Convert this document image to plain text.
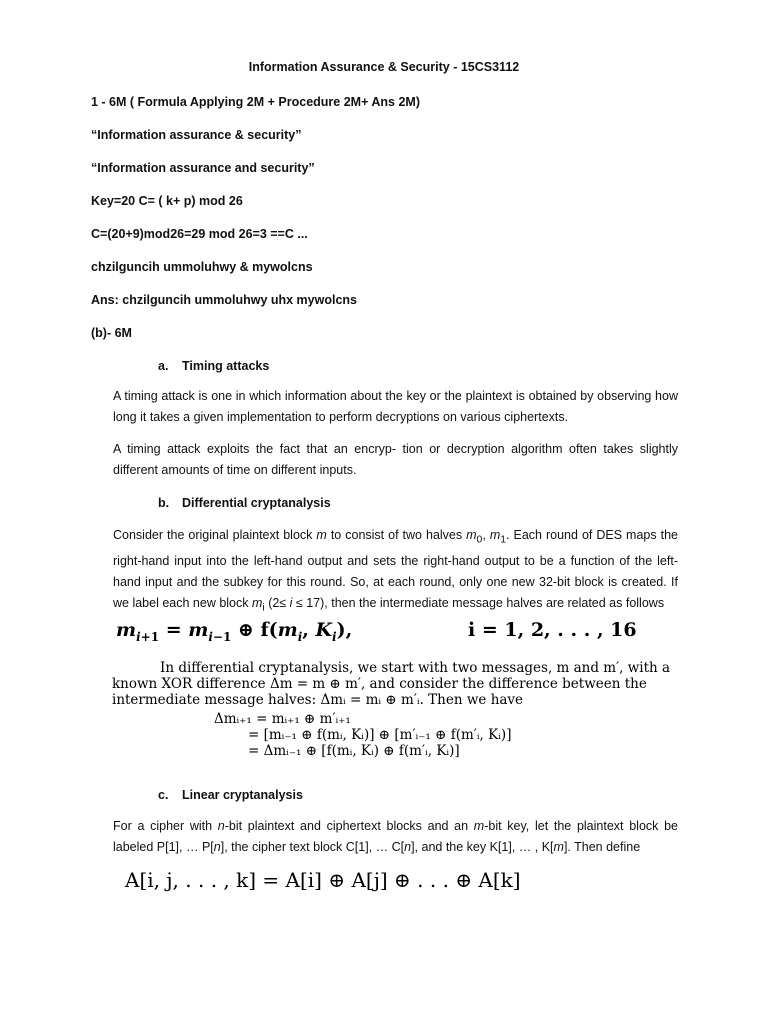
Information Assurance & Security - 15CS3112
1 - 6M ( Formula Applying 2M + Procedure 2M+ Ans 2M)
“Information assurance & security”
“Information assurance and security”
Key=20 C= ( k+ p) mod 26
C=(20+9)mod26=29 mod 26=3 ==C ...
chzilguncih ummoluhwy & mywolcns
Ans: chzilguncih ummoluhwy uhx mywolcns
(b)- 6M
a. Timing attacks
A timing attack is one in which information about the key or the plaintext is obtained by observing how long it takes a given implementation to perform decryptions on various ciphertexts.
A timing attack exploits the fact that an encryp- tion or decryption algorithm often takes slightly different amounts of time on different inputs.
b. Differential cryptanalysis
Consider the original plaintext block m to consist of two halves $m_0$, $m_1$. Each round of DES maps the right-hand input into the left-hand output and sets the right-hand output to be a function of the left-hand input and the subkey for this round. So, at each round, only one new 32-bit block is created. If we label each new block $m_i$ (2≤ i ≤ 17), then the intermediate message halves are related as follows
$m_{i+1} = m_{i-1}$ ⊕ $f(m_i$, $K_i$),	i = 1, 2, . . . , 16
In differential cryptanalysis, we start with two messages, m and m′, with a
known XOR difference Δm = m ⊕ m′, and consider the difference between the
intermediate message halves: Δmᵢ = mᵢ ⊕ m′ᵢ. Then we have
Δmᵢ₊₁ = mᵢ₊₁ ⊕ m′ᵢ₊₁
= [mᵢ₋₁ ⊕ f(mᵢ, Kᵢ)] ⊕ [m′ᵢ₋₁ ⊕ f(m′ᵢ, Kᵢ)]
= Δmᵢ₋₁ ⊕ [f(mᵢ, Kᵢ) ⊕ f(m′ᵢ, Kᵢ)]
c. Linear cryptanalysis
For a cipher with n-bit plaintext and ciphertext blocks and an m-bit key, let the plaintext block be labeled P[1], … P[n], the cipher text block C[1], … C[n], and the key K[1], … , K[m]. Then define
A[i, j, . . . , k] = A[i] ⊕ A[j] ⊕ . . . ⊕ A[k]
